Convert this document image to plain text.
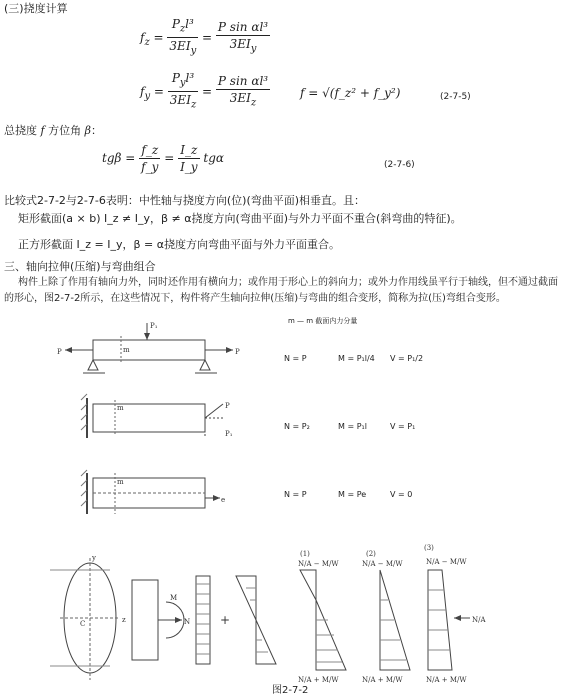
(三)挠度计算
$f_z = \frac{P_zl^3}{3EI_y} = \frac{\text{P sin αl³}}{3EI_y}$
$f_y = \frac{P_yl^3}{3EI_z} = \frac{\text{P sin αl³}}{3EI_z}$ f = √(f_z² + f_y²)	(2-7-5)
总挠度 f 方位角 β：
$tg\beta = \frac{f\_z}{f\_y} = \frac{I\_z}{I\_y}$ tgα	(2-7-6)
比较式2-7-2与2-7-6表明：中性轴与挠度方向(位)(弯曲平面)相垂直。且：
矩形截面(a × b) I_z ≠ I_y，β ≠ α挠度方向(弯曲平面)与外力平面不重合(斜弯曲的特征)。
正方形截面 I_z = I_y，β = α挠度方向弯曲平面与外力平面重合。
三、轴向拉伸(压缩)与弯曲组合
构件上除了作用有轴向力外，同时还作用有横向力；或作用于形心上的斜向力；或外力作用线虽平行于轴线，但不通过截面
的形心，图2-7-2所示，在这些情况下，构件将产生轴向拉伸(压缩)与弯曲的组合变形，简称为拉(压)弯组合变形。
m — m 截面内力分量
P	P
P₁
m
P
P₁
m
e
m
N = P	M = P₁l/4 V = P₁/2
N = P₂	M = P₁l	V = P₁
N = P	M = Pe	V = 0
C	z
y
N
M
+
(1)
N/A − M/W
N/A + M/W
(2)
N/A − M/W
N/A + M/W
(3)
N/A − M/W
N/A + M/W
N/A
图2-7-2
